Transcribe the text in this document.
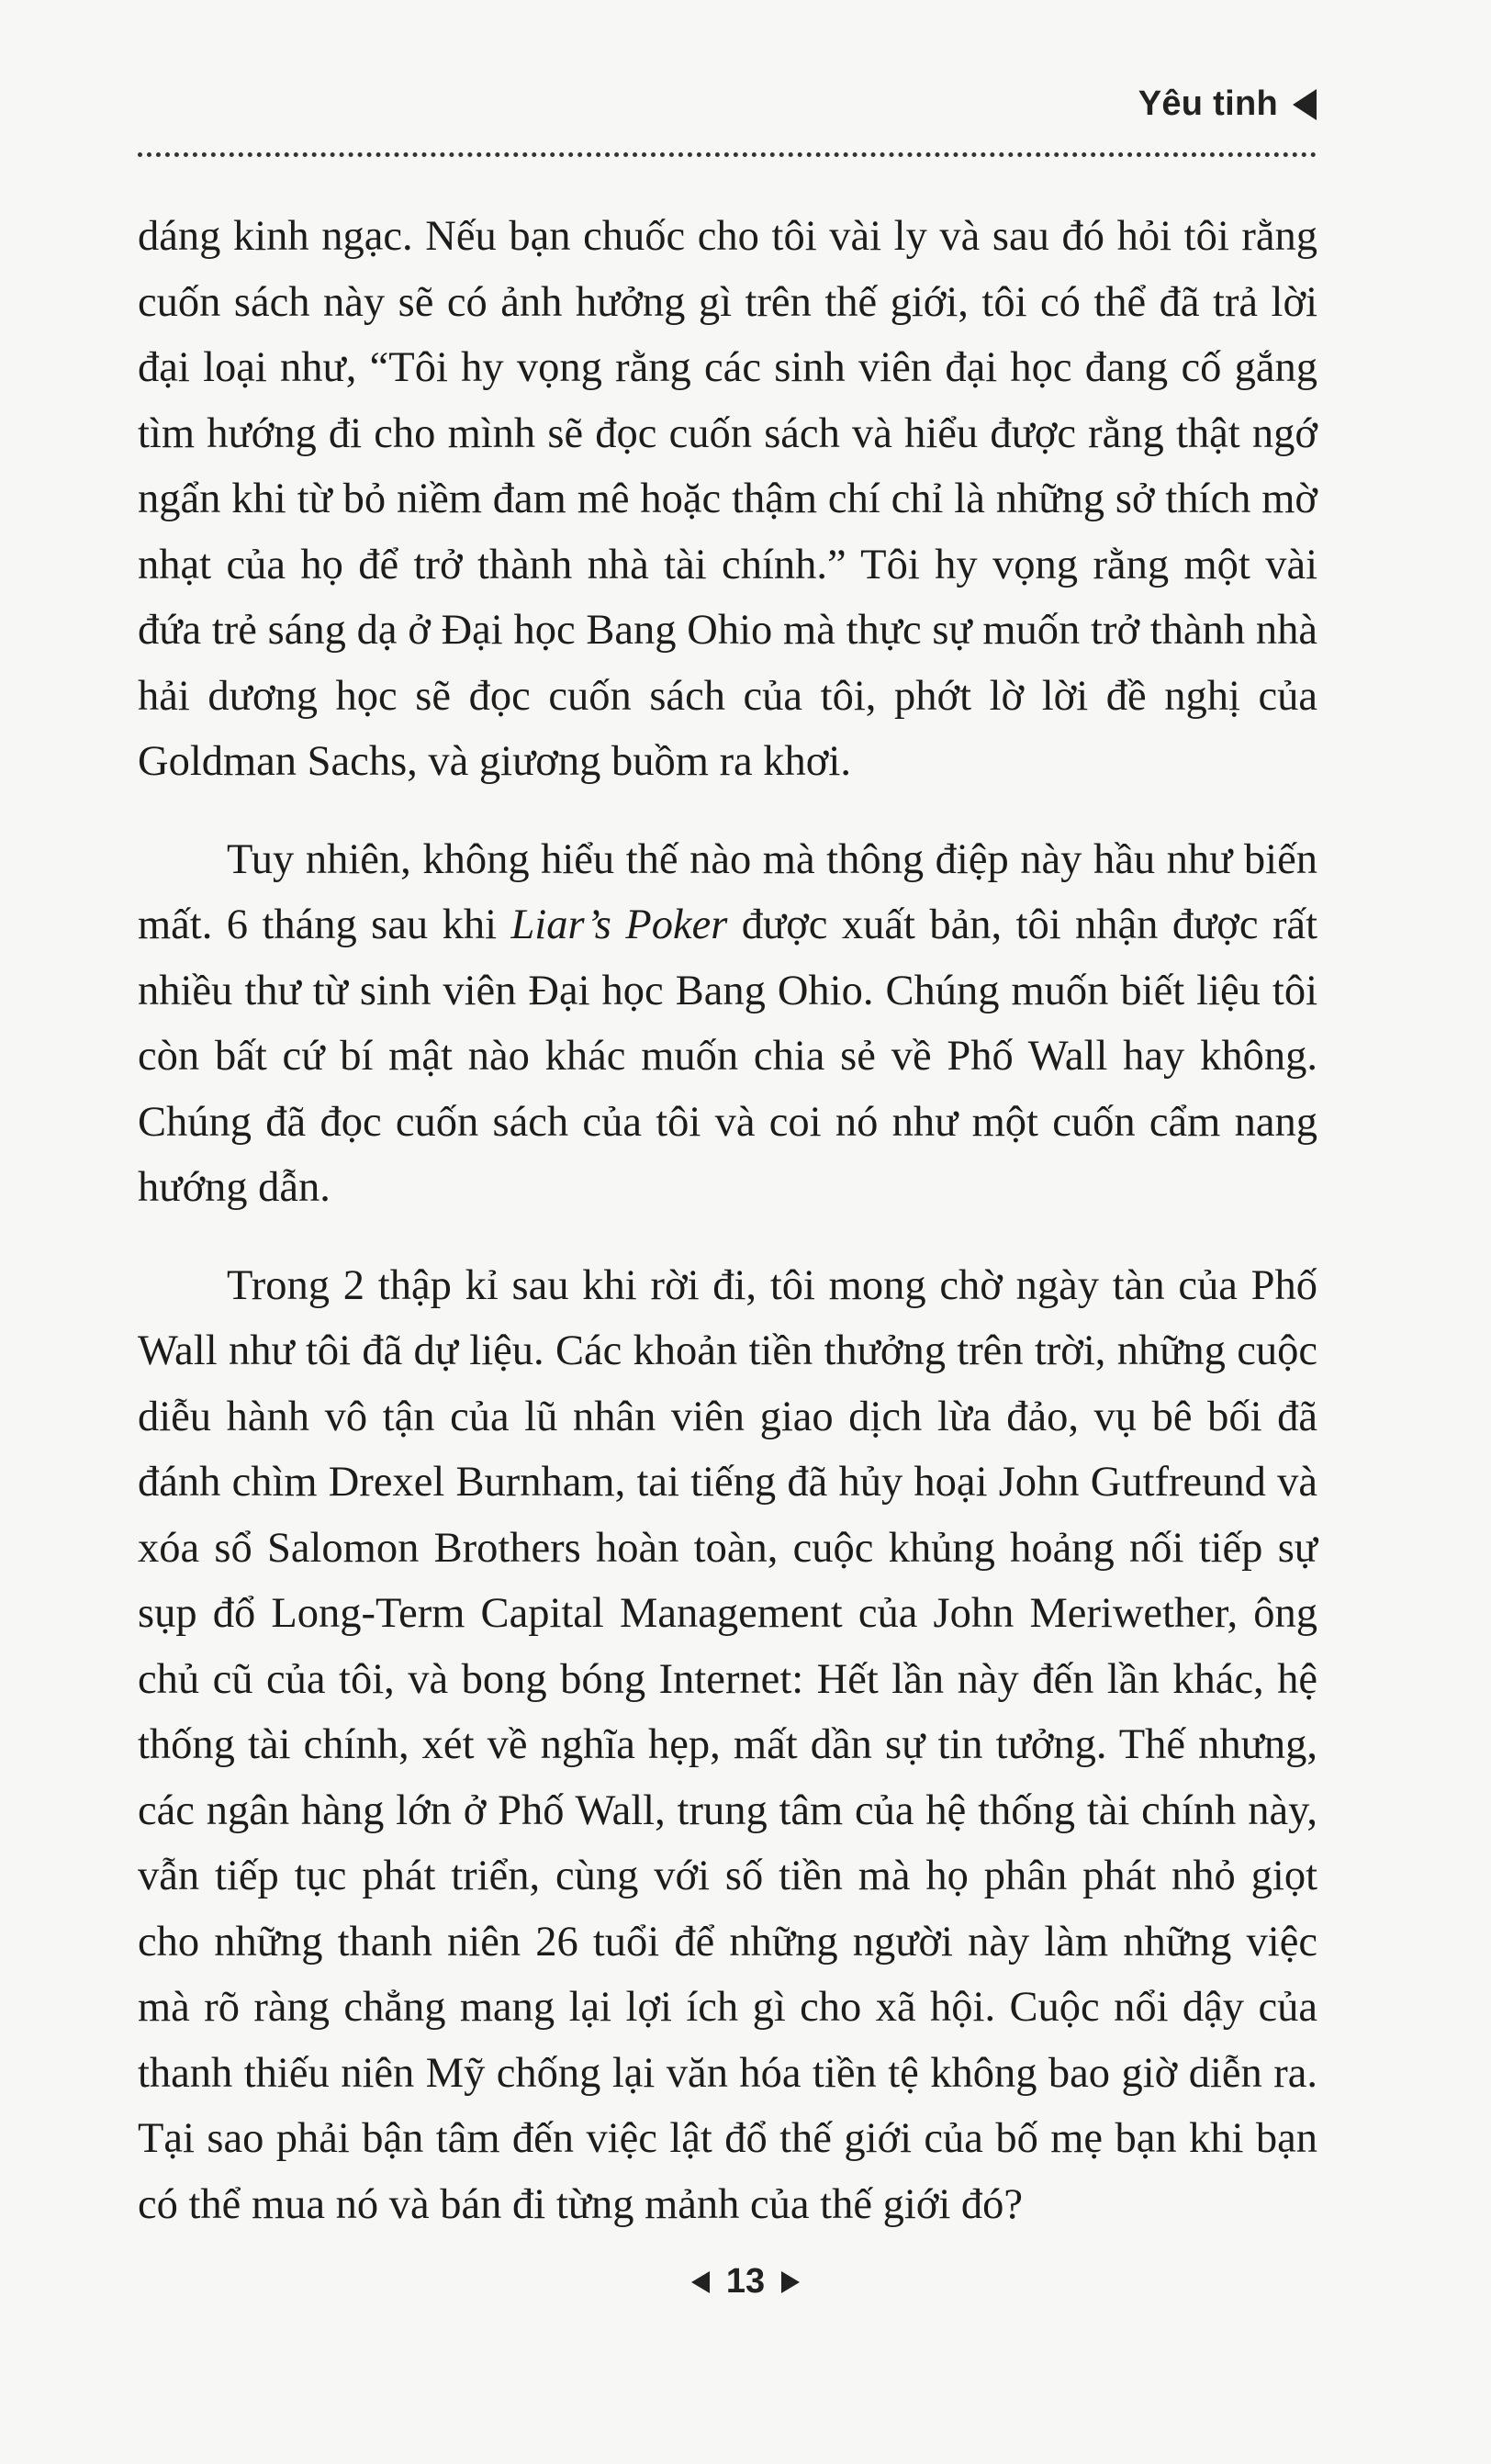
Yêu tinh

dáng kinh ngạc. Nếu bạn chuốc cho tôi vài ly và sau đó hỏi tôi rằng cuốn sách này sẽ có ảnh hưởng gì trên thế giới, tôi có thể đã trả lời đại loại như, “Tôi hy vọng rằng các sinh viên đại học đang cố gắng tìm hướng đi cho mình sẽ đọc cuốn sách và hiểu được rằng thật ngớ ngẩn khi từ bỏ niềm đam mê hoặc thậm chí chỉ là những sở thích mờ nhạt của họ để trở thành nhà tài chính.” Tôi hy vọng rằng một vài đứa trẻ sáng dạ ở Đại học Bang Ohio mà thực sự muốn trở thành nhà hải dương học sẽ đọc cuốn sách của tôi, phớt lờ lời đề nghị của Goldman Sachs, và giương buồm ra khơi.

Tuy nhiên, không hiểu thế nào mà thông điệp này hầu như biến mất. 6 tháng sau khi Liar’s Poker được xuất bản, tôi nhận được rất nhiều thư từ sinh viên Đại học Bang Ohio. Chúng muốn biết liệu tôi còn bất cứ bí mật nào khác muốn chia sẻ về Phố Wall hay không. Chúng đã đọc cuốn sách của tôi và coi nó như một cuốn cẩm nang hướng dẫn.

Trong 2 thập kỉ sau khi rời đi, tôi mong chờ ngày tàn của Phố Wall như tôi đã dự liệu. Các khoản tiền thưởng trên trời, những cuộc diễu hành vô tận của lũ nhân viên giao dịch lừa đảo, vụ bê bối đã đánh chìm Drexel Burnham, tai tiếng đã hủy hoại John Gutfreund và xóa sổ Salomon Brothers hoàn toàn, cuộc khủng hoảng nối tiếp sự sụp đổ Long-Term Capital Management của John Meriwether, ông chủ cũ của tôi, và bong bóng Internet: Hết lần này đến lần khác, hệ thống tài chính, xét về nghĩa hẹp, mất dần sự tin tưởng. Thế nhưng, các ngân hàng lớn ở Phố Wall, trung tâm của hệ thống tài chính này, vẫn tiếp tục phát triển, cùng với số tiền mà họ phân phát nhỏ giọt cho những thanh niên 26 tuổi để những người này làm những việc mà rõ ràng chẳng mang lại lợi ích gì cho xã hội. Cuộc nổi dậy của thanh thiếu niên Mỹ chống lại văn hóa tiền tệ không bao giờ diễn ra. Tại sao phải bận tâm đến việc lật đổ thế giới của bố mẹ bạn khi bạn có thể mua nó và bán đi từng mảnh của thế giới đó?

13
